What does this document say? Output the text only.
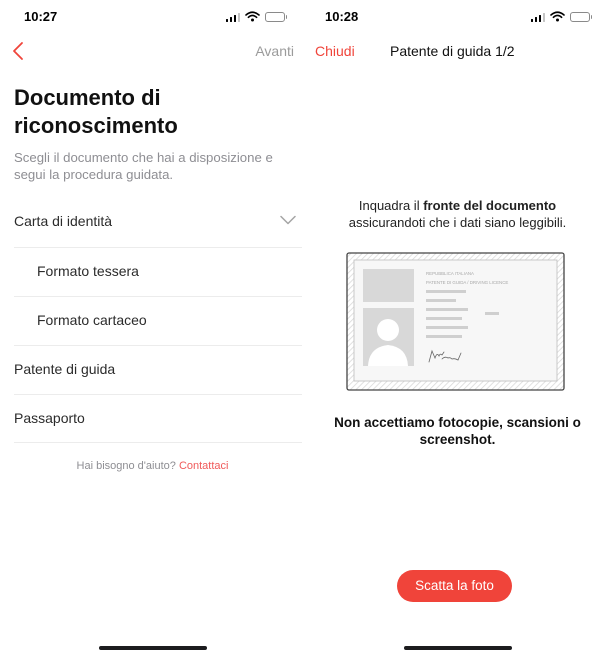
10:27
Avanti
Documento di riconoscimento

Scegli il documento che hai a disposizione e segui la procedura guidata.

Carta di identità
Formato tessera
Formato cartaceo
Patente di guida
Passaporto
Hai bisogno d'aiuto? Contattaci
10:28
Chiudi	Patente di guida 1/2
Inquadra il fronte del documento
assicurandoti che i dati siano leggibili.
REPUBBLICA ITALIANA
PATENTE DI GUIDA / DRIVING LICENCE

Non accettiamo fotocopie, scansioni o screenshot.

Scatta la foto
